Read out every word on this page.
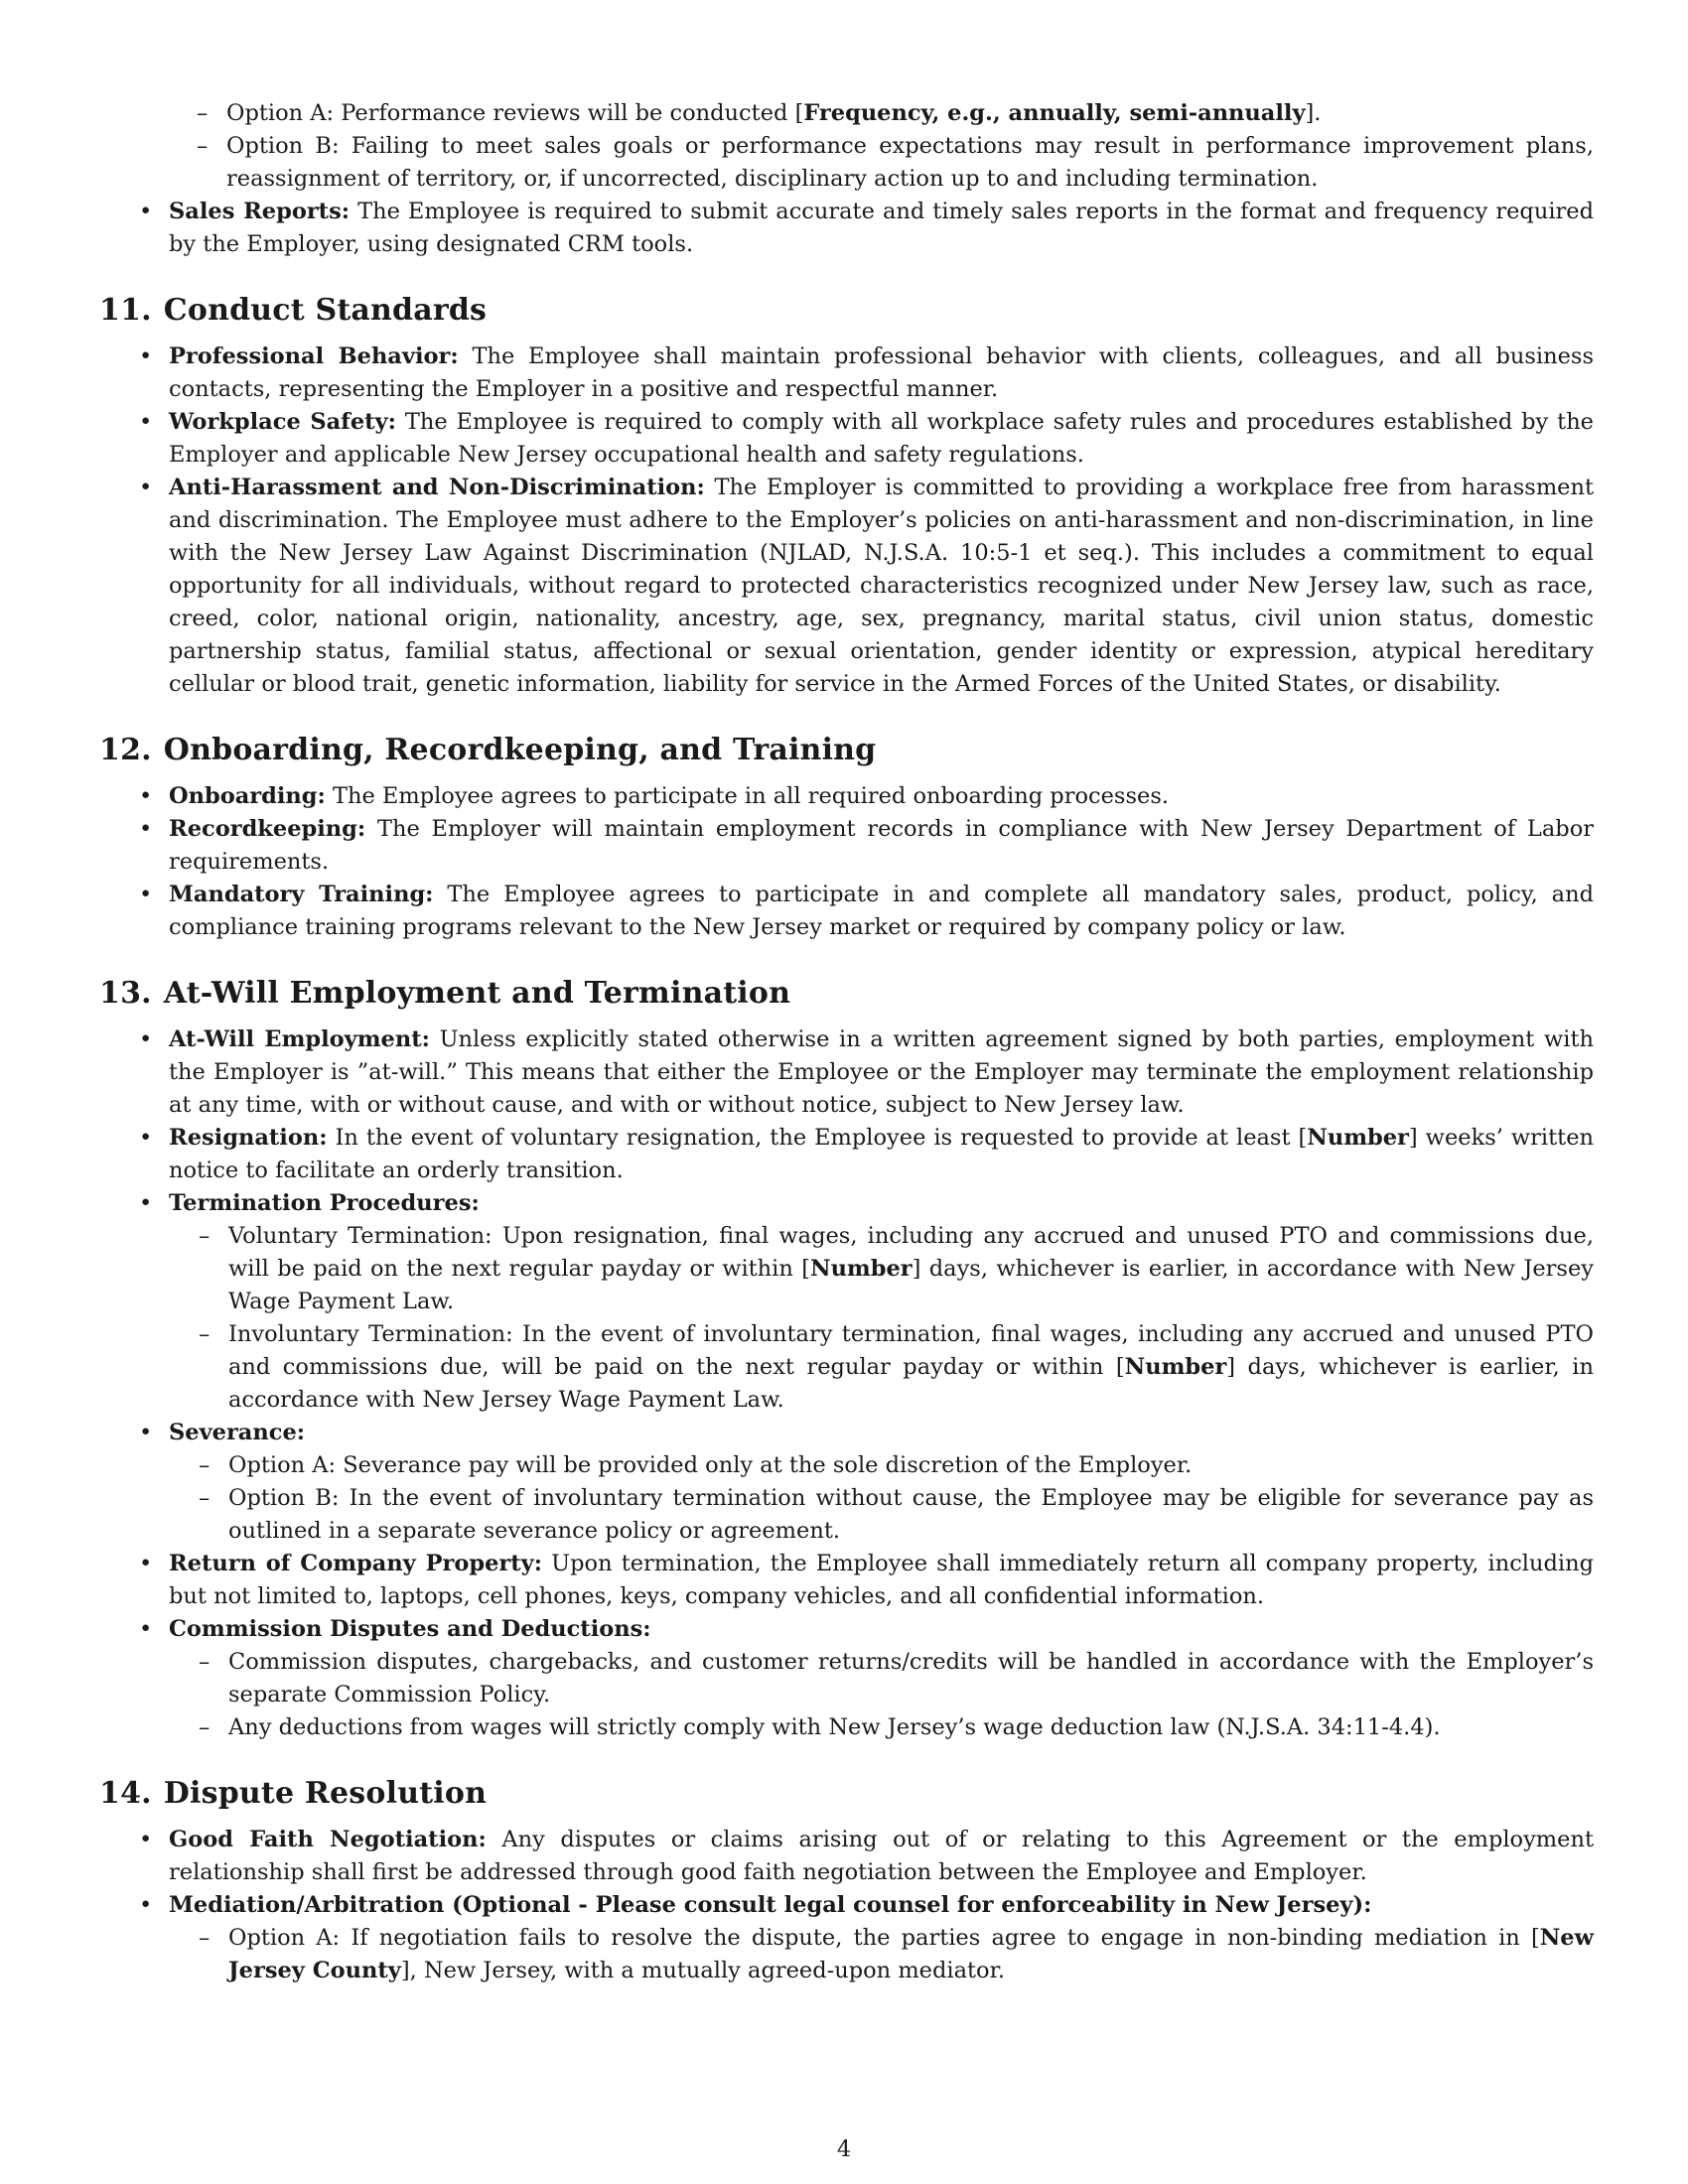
– Option A: Performance reviews will be conducted [Frequency, e.g., annually, semi-annually].
– Option B: Failing to meet sales goals or performance expectations may result in performance improvement plans, reassignment of territory, or, if uncorrected, disciplinary action up to and including termination.
• Sales Reports: The Employee is required to submit accurate and timely sales reports in the format and frequency required by the Employer, using designated CRM tools.
11. Conduct Standards
• Professional Behavior: The Employee shall maintain professional behavior with clients, colleagues, and all business contacts, representing the Employer in a positive and respectful manner.
• Workplace Safety: The Employee is required to comply with all workplace safety rules and procedures established by the Employer and applicable New Jersey occupational health and safety regulations.
• Anti-Harassment and Non-Discrimination: The Employer is committed to providing a workplace free from harassment and discrimination. The Employee must adhere to the Employer’s policies on anti-harassment and non-discrimination, in line with the New Jersey Law Against Discrimination (NJLAD, N.J.S.A. 10:5-1 et seq.). This includes a commitment to equal opportunity for all individuals, without regard to protected characteristics recognized under New Jersey law, such as race, creed, color, national origin, nationality, ancestry, age, sex, pregnancy, marital status, civil union status, domestic partnership status, familial status, affectional or sexual orientation, gender identity or expression, atypical hereditary cellular or blood trait, genetic information, liability for service in the Armed Forces of the United States, or disability.
12. Onboarding, Recordkeeping, and Training
• Onboarding: The Employee agrees to participate in all required onboarding processes.
• Recordkeeping: The Employer will maintain employment records in compliance with New Jersey Department of Labor requirements.
• Mandatory Training: The Employee agrees to participate in and complete all mandatory sales, product, policy, and compliance training programs relevant to the New Jersey market or required by company policy or law.
13. At-Will Employment and Termination
• At-Will Employment: Unless explicitly stated otherwise in a written agreement signed by both parties, employment with the Employer is ”at-will.” This means that either the Employee or the Employer may terminate the employment relationship at any time, with or without cause, and with or without notice, subject to New Jersey law.
• Resignation: In the event of voluntary resignation, the Employee is requested to provide at least [Number] weeks’ written notice to facilitate an orderly transition.
• Termination Procedures:
– Voluntary Termination: Upon resignation, final wages, including any accrued and unused PTO and commissions due, will be paid on the next regular payday or within [Number] days, whichever is earlier, in accordance with New Jersey Wage Payment Law.
– Involuntary Termination: In the event of involuntary termination, final wages, including any accrued and unused PTO and commissions due, will be paid on the next regular payday or within [Number] days, whichever is earlier, in accordance with New Jersey Wage Payment Law.
• Severance:
– Option A: Severance pay will be provided only at the sole discretion of the Employer.
– Option B: In the event of involuntary termination without cause, the Employee may be eligible for severance pay as outlined in a separate severance policy or agreement.
• Return of Company Property: Upon termination, the Employee shall immediately return all company property, including but not limited to, laptops, cell phones, keys, company vehicles, and all confidential information.
• Commission Disputes and Deductions:
– Commission disputes, chargebacks, and customer returns/credits will be handled in accordance with the Employer’s separate Commission Policy.
– Any deductions from wages will strictly comply with New Jersey’s wage deduction law (N.J.S.A. 34:11-4.4).
14. Dispute Resolution
• Good Faith Negotiation: Any disputes or claims arising out of or relating to this Agreement or the employment relationship shall first be addressed through good faith negotiation between the Employee and Employer.
• Mediation/Arbitration (Optional - Please consult legal counsel for enforceability in New Jersey):
– Option A: If negotiation fails to resolve the dispute, the parties agree to engage in non-binding mediation in [New Jersey County], New Jersey, with a mutually agreed-upon mediator.
4
